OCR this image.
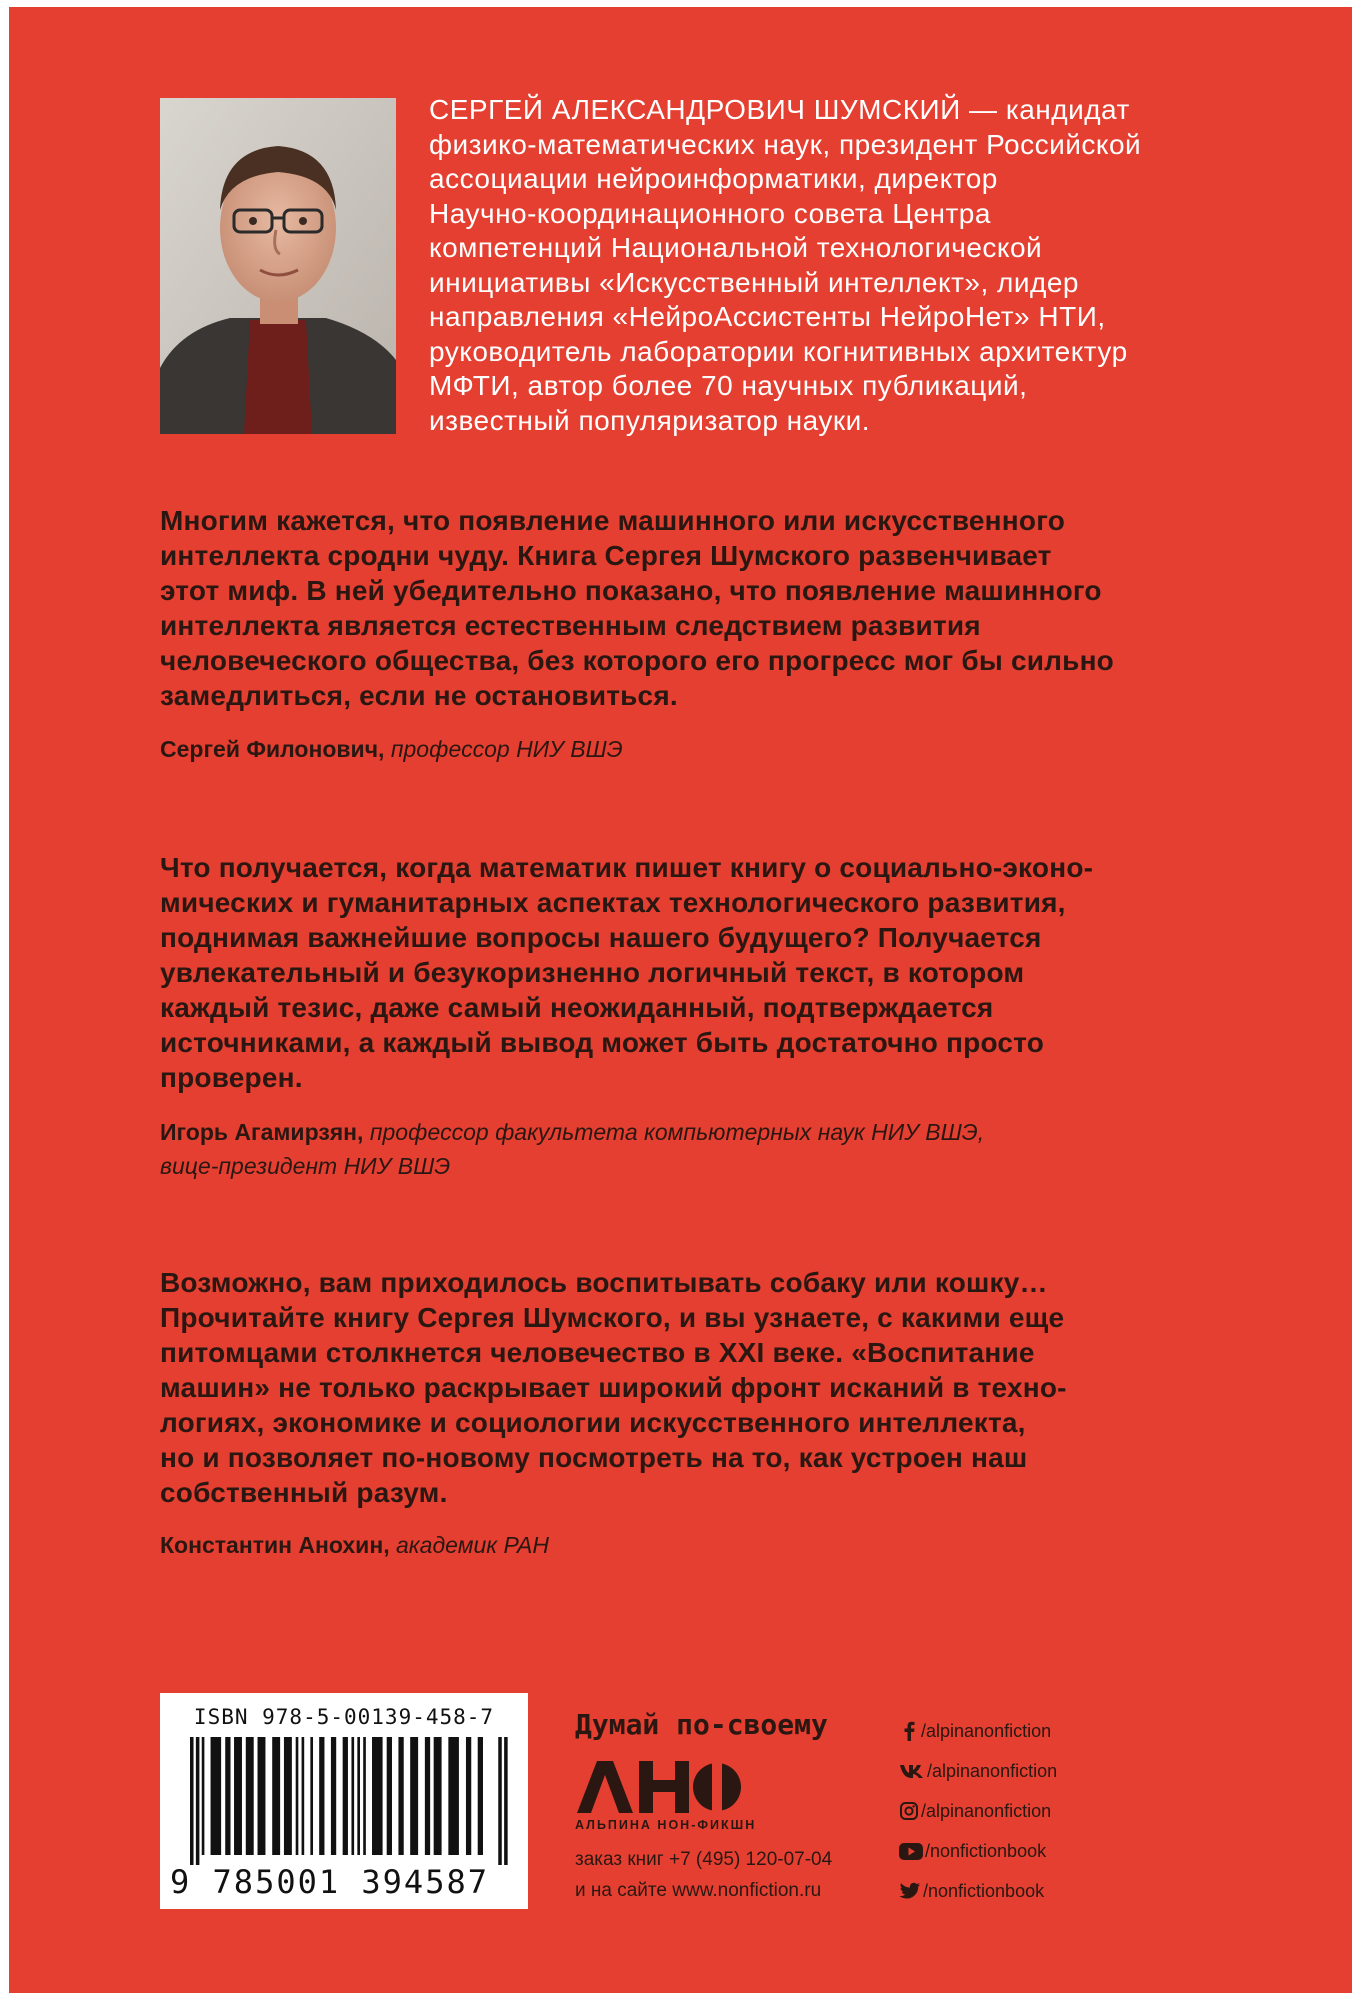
СЕРГЕЙ АЛЕКСАНДРОВИЧ ШУМСКИЙ — кандидат
физико-математических наук, президент Российской
ассоциации нейроинформатики, директор
Научно-координационного совета Центра
компетенций Национальной технологической
инициативы «Искусственный интеллект», лидер
направления «НейроАссистенты НейроНет» НТИ,
руководитель лаборатории когнитивных архитектур
МФТИ, автор более 70 научных публикаций,
известный популяризатор науки.
Многим кажется, что появление машинного или искусственного
интеллекта сродни чуду. Книга Сергея Шумского развенчивает
этот миф. В ней убедительно показано, что появление машинного
интеллекта является естественным следствием развития
человеческого общества, без которого его прогресс мог бы сильно
замедлиться, если не остановиться.
Сергей Филонович, профессор НИУ ВШЭ
Что получается, когда математик пишет книгу о социально-эконо-
мических и гуманитарных аспектах технологического развития,
поднимая важнейшие вопросы нашего будущего? Получается
увлекательный и безукоризненно логичный текст, в котором
каждый тезис, даже самый неожиданный, подтверждается
источниками, а каждый вывод может быть достаточно просто
проверен.
Игорь Агамирзян, профессор факультета компьютерных наук НИУ ВШЭ,
вице-президент НИУ ВШЭ
Возможно, вам приходилось воспитывать собаку или кошку…
Прочитайте книгу Сергея Шумского, и вы узнаете, с какими еще
питомцами столкнется человечество в XXI веке. «Воспитание
машин» не только раскрывает широкий фронт исканий в техно-
логиях, экономике и социологии искусственного интеллекта,
но и позволяет по-новому посмотреть на то, как устроен наш
собственный разум.
Константин Анохин, академик РАН
ISBN 978-5-00139-458-7
9 785001 394587
Думай по-своему
АЛЬПИНА НОН-ФИКШН
заказ книг +7 (495) 120-07-04
и на сайте www.nonfiction.ru
/alpinanonfiction
/alpinanonfiction
/alpinanonfiction
/nonfictionbook
/nonfictionbook
